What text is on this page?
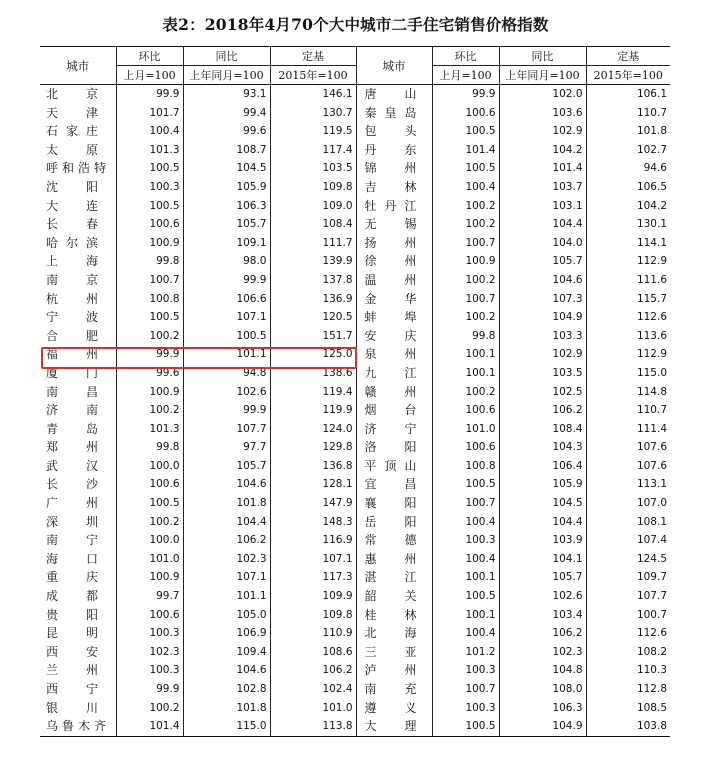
表2：2018年4月70个大中城市二手住宅销售价格指数
城市	环比	同比	定基	城市	环比	同比	定基
	上月=100	上年同月=100	2015年=100		上月=100	上年同月=100	2015年=100

北京	99.9	93.1	146.1	唐山	99.9	102.0	106.1

天津	101.7	99.4	130.7	秦皇岛	100.6	103.6	110.7

石家庄	100.4	99.6	119.5	包头	100.5	102.9	101.8

太原	101.3	108.7	117.4	丹东	101.4	104.2	102.7

呼和浩特	100.5	104.5	103.5	锦州	100.5	101.4	94.6

沈阳	100.3	105.9	109.8	吉林	100.4	103.7	106.5

大连	100.5	106.3	109.0	牡丹江	100.2	103.1	104.2

长春	100.6	105.7	108.4	无锡	100.2	104.4	130.1

哈尔滨	100.9	109.1	111.7	扬州	100.7	104.0	114.1

上海	99.8	98.0	139.9	徐州	100.9	105.7	112.9

南京	100.7	99.9	137.8	温州	100.2	104.6	111.6

杭州	100.8	106.6	136.9	金华	100.7	107.3	115.7

宁波	100.5	107.1	120.5	蚌埠	100.2	104.9	112.6

合肥	100.2	100.5	151.7	安庆	99.8	103.3	113.6

福州	99.9	101.1	125.0	泉州	100.1	102.9	112.9

厦门	99.6	94.8	138.6	九江	100.1	103.5	115.0

南昌	100.9	102.6	119.4	赣州	100.2	102.5	114.8

济南	100.2	99.9	119.9	烟台	100.6	106.2	110.7

青岛	101.3	107.7	124.0	济宁	101.0	108.4	111.4

郑州	99.8	97.7	129.8	洛阳	100.6	104.3	107.6

武汉	100.0	105.7	136.8	平顶山	100.8	106.4	107.6

长沙	100.6	104.6	128.1	宜昌	100.5	105.9	113.1

广州	100.5	101.8	147.9	襄阳	100.7	104.5	107.0

深圳	100.2	104.4	148.3	岳阳	100.4	104.4	108.1

南宁	100.0	106.2	116.9	常德	100.3	103.9	107.4

海口	101.0	102.3	107.1	惠州	100.4	104.1	124.5

重庆	100.9	107.1	117.3	湛江	100.1	105.7	109.7

成都	99.7	101.1	109.9	韶关	100.5	102.6	107.7

贵阳	100.6	105.0	109.8	桂林	100.1	103.4	100.7

昆明	100.3	106.9	110.9	北海	100.4	106.2	112.6

西安	102.3	109.4	108.6	三亚	101.2	102.3	108.2

兰州	100.3	104.6	106.2	泸州	100.3	104.8	110.3

西宁	99.9	102.8	102.4	南充	100.7	108.0	112.8

银川	100.2	101.8	101.0	遵义	100.3	106.3	108.5

乌鲁木齐	101.4	115.0	113.8	大理	100.5	104.9	103.8
